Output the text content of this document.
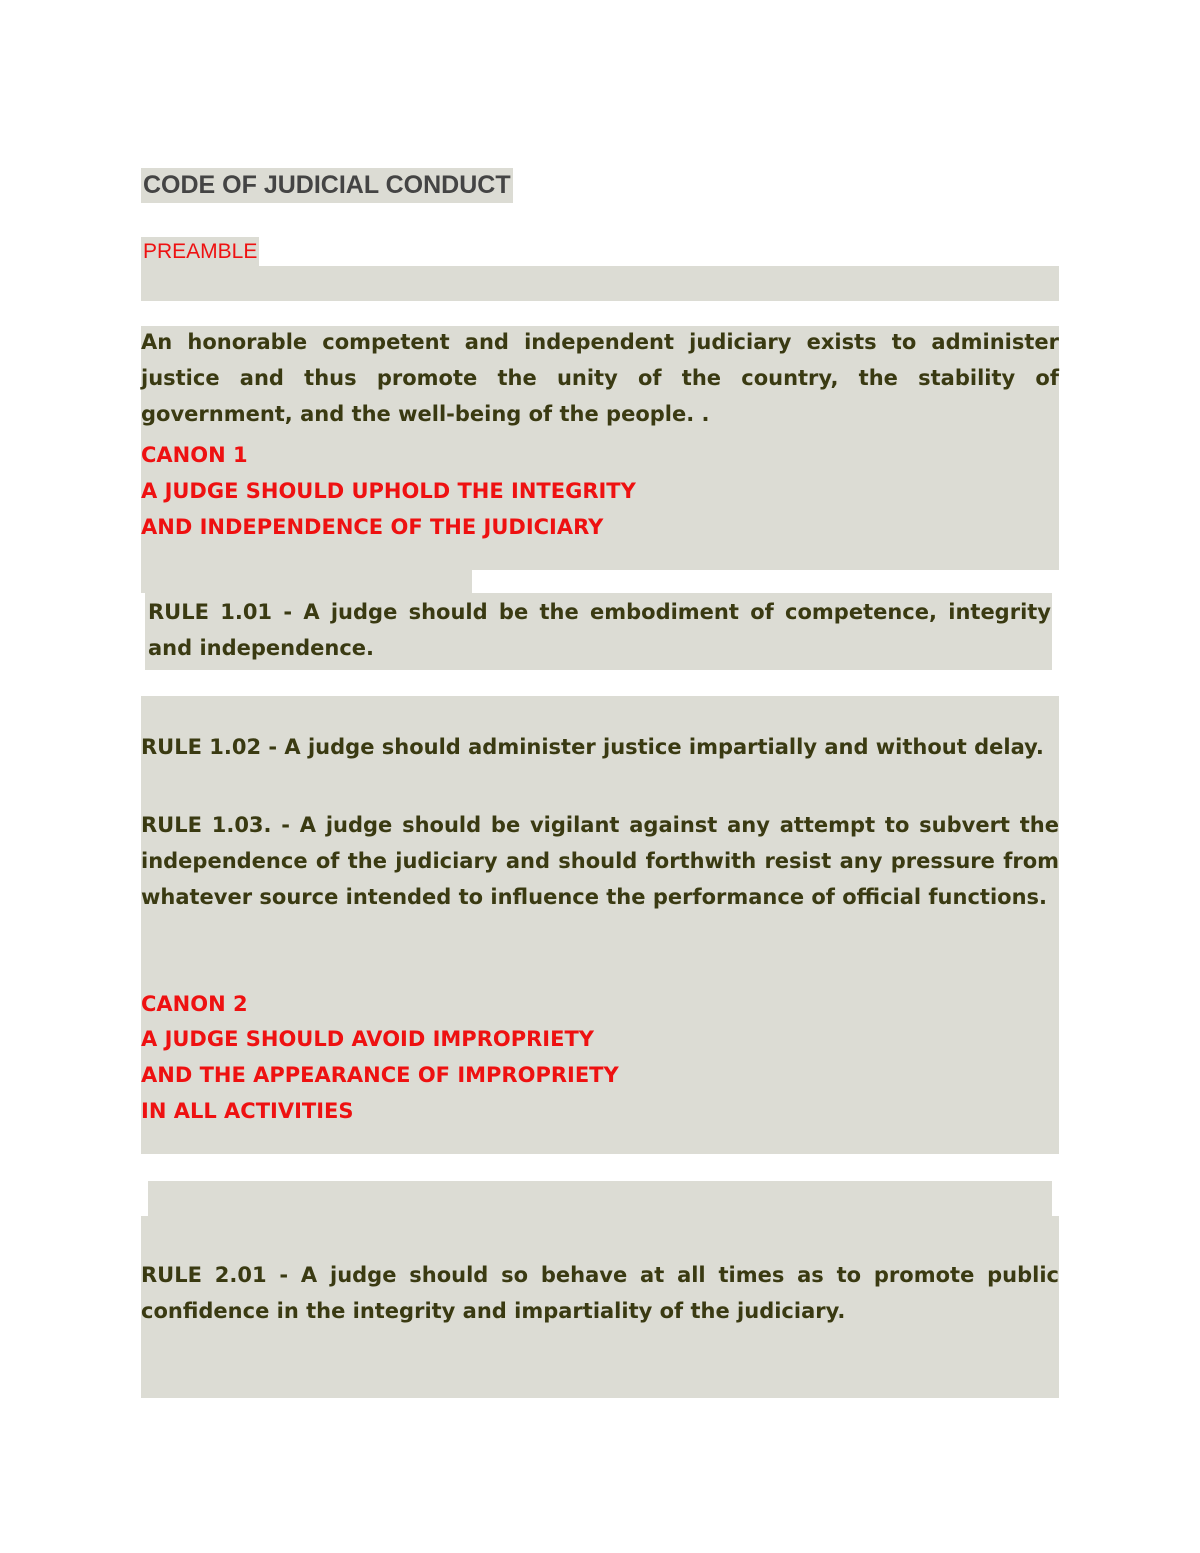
CODE OF JUDICIAL CONDUCT
PREAMBLE

An honorable competent and independent judiciary exists to administer justice and thus promote the unity of the country, the stability of government, and the well-being of the people. .

CANON 1
A JUDGE SHOULD UPHOLD THE INTEGRITY
AND INDEPENDENCE OF THE JUDICIARY

RULE 1.01 - A judge should be the embodiment of competence, integrity and independence.

RULE 1.02 - A judge should administer justice impartially and without delay.

RULE 1.03. - A judge should be vigilant against any attempt to subvert the independence of the judiciary and should forthwith resist any pressure from whatever source intended to influence the performance of official functions.

CANON 2
A JUDGE SHOULD AVOID IMPROPRIETY
AND THE APPEARANCE OF IMPROPRIETY
IN ALL ACTIVITIES

RULE 2.01 - A judge should so behave at all times as to promote public confidence in the integrity and impartiality of the judiciary.
